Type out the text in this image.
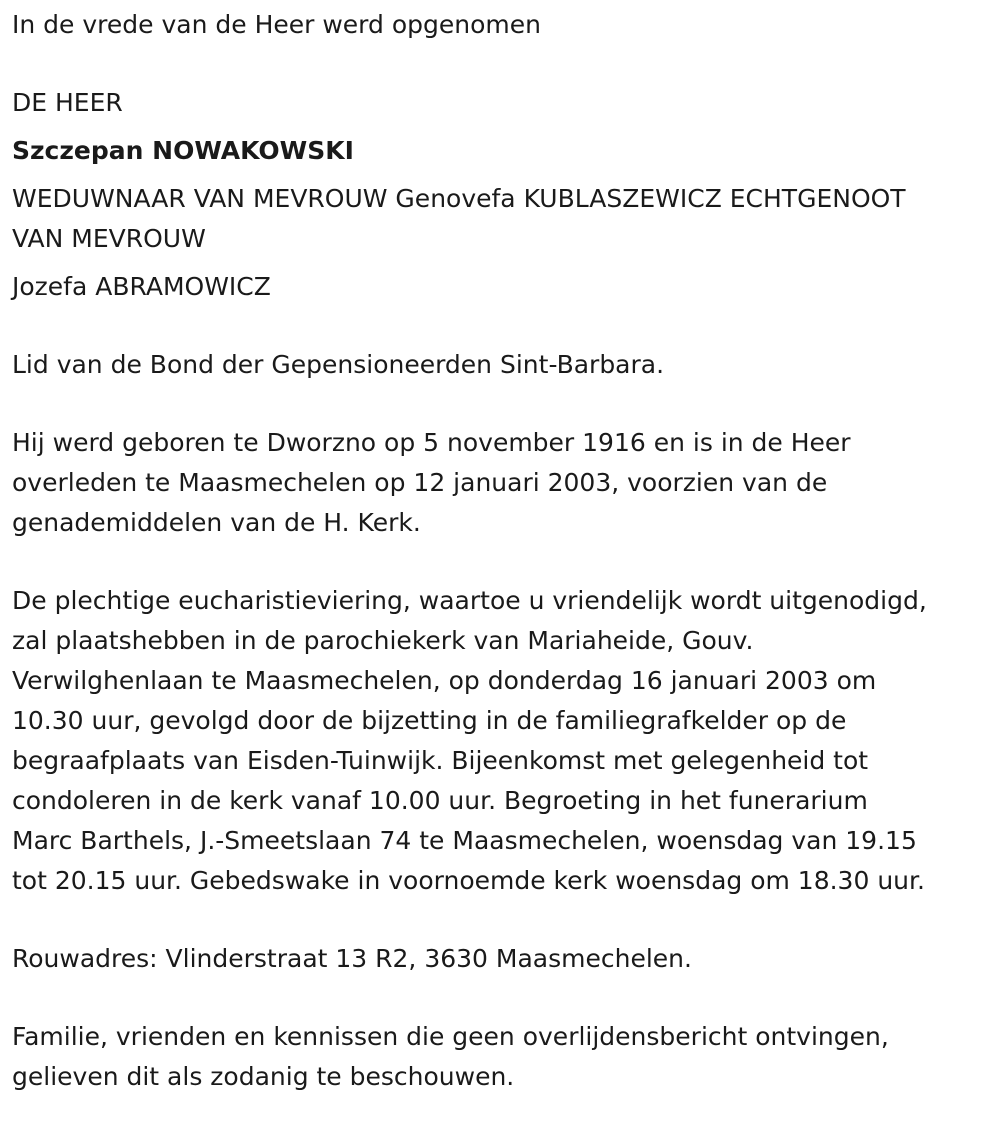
In de vrede van de Heer werd opgenomen

DE HEER

Szczepan NOWAKOWSKI

WEDUWNAAR VAN MEVROUW Genovefa KUBLASZEWICZ ECHTGENOOT

VAN MEVROUW

Jozefa ABRAMOWICZ

Lid van de Bond der Gepensioneerden Sint-Barbara.

Hij werd geboren te Dworzno op 5 november 1916 en is in de Heer

overleden te Maasmechelen op 12 januari 2003, voorzien van de

genademiddelen van de H. Kerk.

De plechtige eucharistieviering, waartoe u vriendelijk wordt uitgenodigd,

zal plaatshebben in de parochiekerk van Mariaheide, Gouv.

Verwilghenlaan te Maasmechelen, op donderdag 16 januari 2003 om

10.30 uur, gevolgd door de bijzetting in de familiegrafkelder op de

begraafplaats van Eisden-Tuinwijk. Bijeenkomst met gelegenheid tot

condoleren in de kerk vanaf 10.00 uur. Begroeting in het funerarium

Marc Barthels, J.-Smeetslaan 74 te Maasmechelen, woensdag van 19.15

tot 20.15 uur. Gebedswake in voornoemde kerk woensdag om 18.30 uur.

Rouwadres: Vlinderstraat 13 R2, 3630 Maasmechelen.

Familie, vrienden en kennissen die geen overlijdensbericht ontvingen,

gelieven dit als zodanig te beschouwen.
